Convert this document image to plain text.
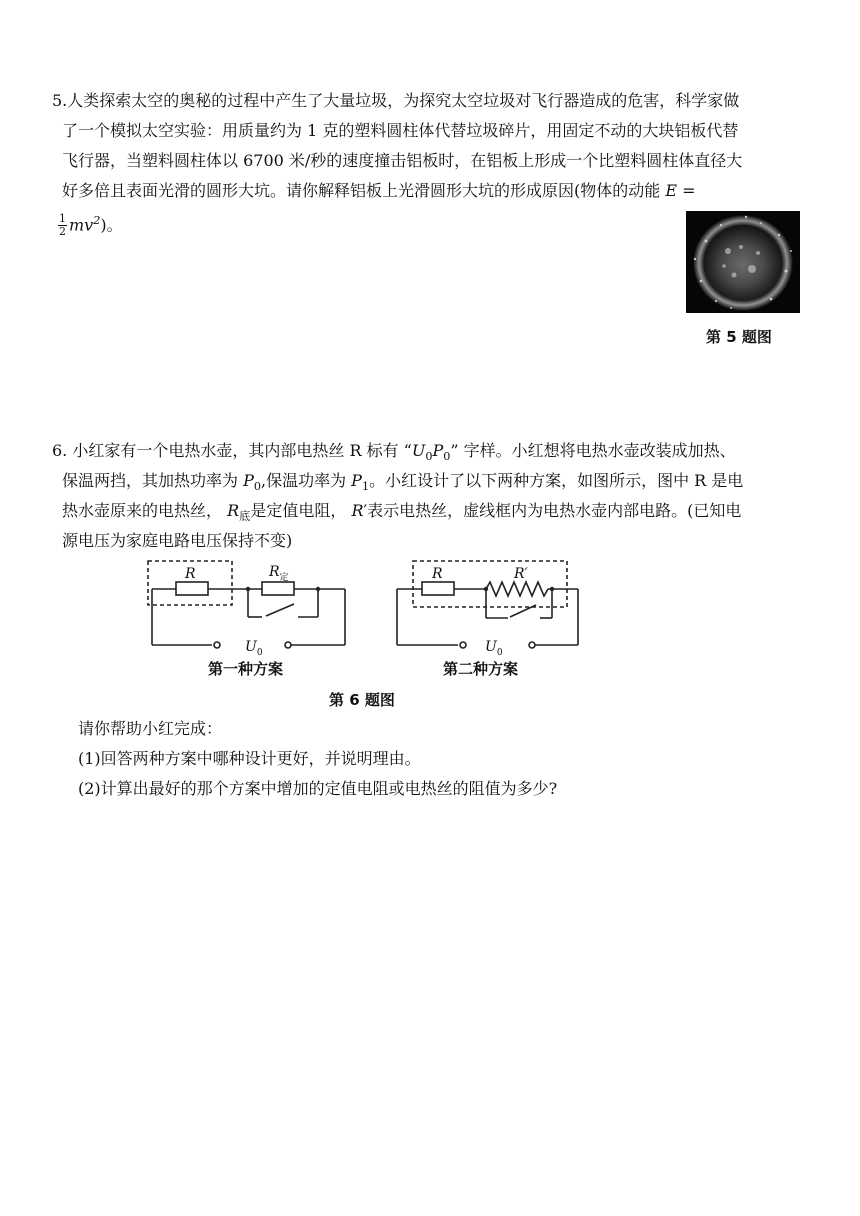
5.人类探索太空的奥秘的过程中产生了大量垃圾，为探究太空垃圾对飞行器造成的危害，科学家做
了一个模拟太空实验：用质量约为 1 克的塑料圆柱体代替垃圾碎片，用固定不动的大块铝板代替
飞行器，当塑料圆柱体以 6700 米/秒的速度撞击铝板时，在铝板上形成一个比塑料圆柱体直径大
好多倍且表面光滑的圆形大坑。请你解释铝板上光滑圆形大坑的形成原因(物体的动能 E =
$\frac{1}{2} mv^2$)。
第 5 题图
6. 小红家有一个电热水壶，其内部电热丝 R 标有 “$U_0P_0$” 字样。小红想将电热水壶改装成加热、
保温两挡，其加热功率为 $P_0$,保温功率为 $P_1$。小红设计了以下两种方案，如图所示，图中 R 是电
热水壶原来的电热丝， $R_底$是定值电阻， R′表示电热丝，虚线框内为电热水壶内部电路。(已知电
源电压为家庭电路电压保持不变)
R	$R_定$
$U_0$
R	R′
$U_0$
第一种方案	第二种方案
第 6 题图
请你帮助小红完成：
(1)回答两种方案中哪种设计更好，并说明理由。
(2)计算出最好的那个方案中增加的定值电阻或电热丝的阻值为多少?
